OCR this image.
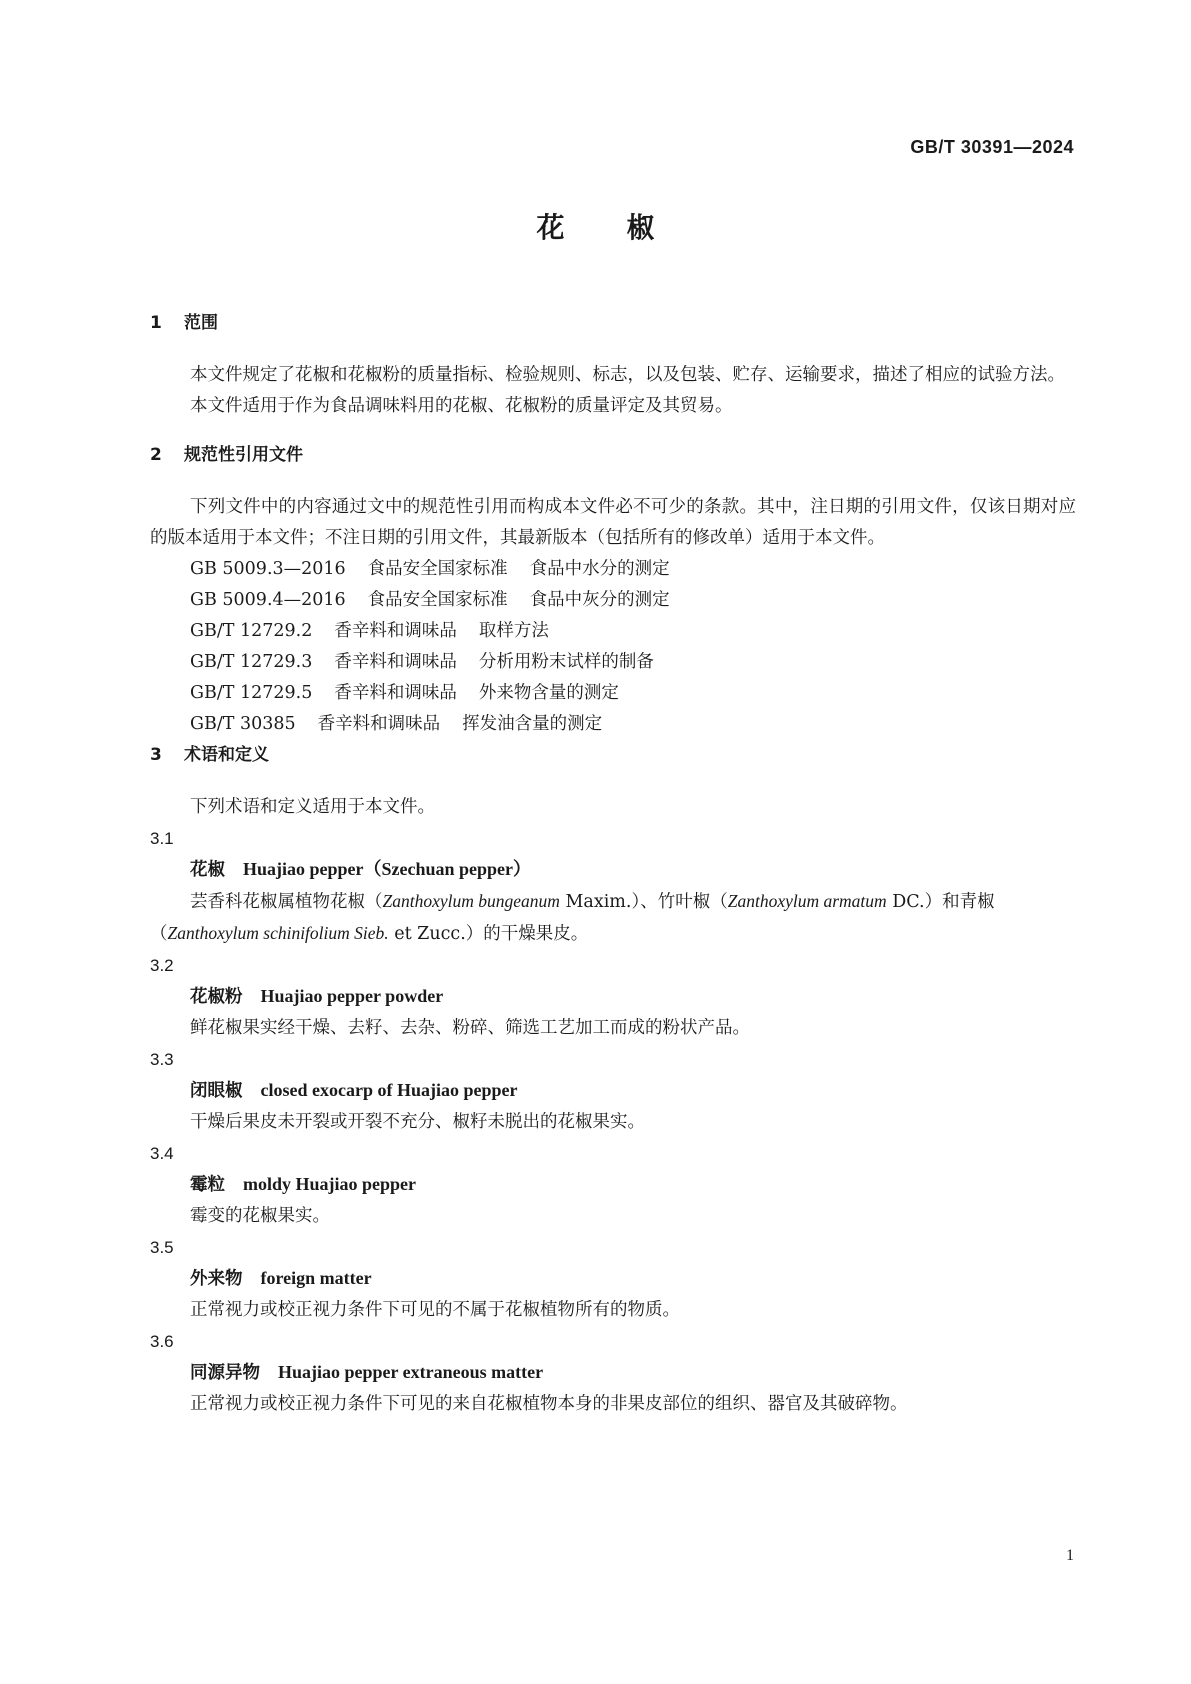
GB/T 30391—2024
花 椒
1 范围

本文件规定了花椒和花椒粉的质量指标、检验规则、标志，以及包装、贮存、运输要求，描述了相应的试验方法。

本文件适用于作为食品调味料用的花椒、花椒粉的质量评定及其贸易。

2 规范性引用文件

下列文件中的内容通过文中的规范性引用而构成本文件必不可少的条款。其中，注日期的引用文件，仅该日期对应的版本适用于本文件；不注日期的引用文件，其最新版本（包括所有的修改单）适用于本文件。

GB 5009.3—2016 食品安全国家标准 食品中水分的测定

GB 5009.4—2016 食品安全国家标准 食品中灰分的测定

GB/T 12729.2 香辛料和调味品 取样方法

GB/T 12729.3 香辛料和调味品 分析用粉末试样的制备

GB/T 12729.5 香辛料和调味品 外来物含量的测定

GB/T 30385 香辛料和调味品 挥发油含量的测定

3 术语和定义

下列术语和定义适用于本文件。

3.1
花椒 Huajiao pepper（Szechuan pepper）

芸香科花椒属植物花椒（Zanthoxylum bungeanum Maxim.）、竹叶椒（Zanthoxylum armatum DC.）和青椒（Zanthoxylum schinifolium Sieb. et Zucc.）的干燥果皮。

3.2
花椒粉 Huajiao pepper powder

鲜花椒果实经干燥、去籽、去杂、粉碎、筛选工艺加工而成的粉状产品。

3.3
闭眼椒 closed exocarp of Huajiao pepper

干燥后果皮未开裂或开裂不充分、椒籽未脱出的花椒果实。

3.4
霉粒 moldy Huajiao pepper

霉变的花椒果实。

3.5
外来物 foreign matter

正常视力或校正视力条件下可见的不属于花椒植物所有的物质。

3.6
同源异物 Huajiao pepper extraneous matter

正常视力或校正视力条件下可见的来自花椒植物本身的非果皮部位的组织、器官及其破碎物。

1
